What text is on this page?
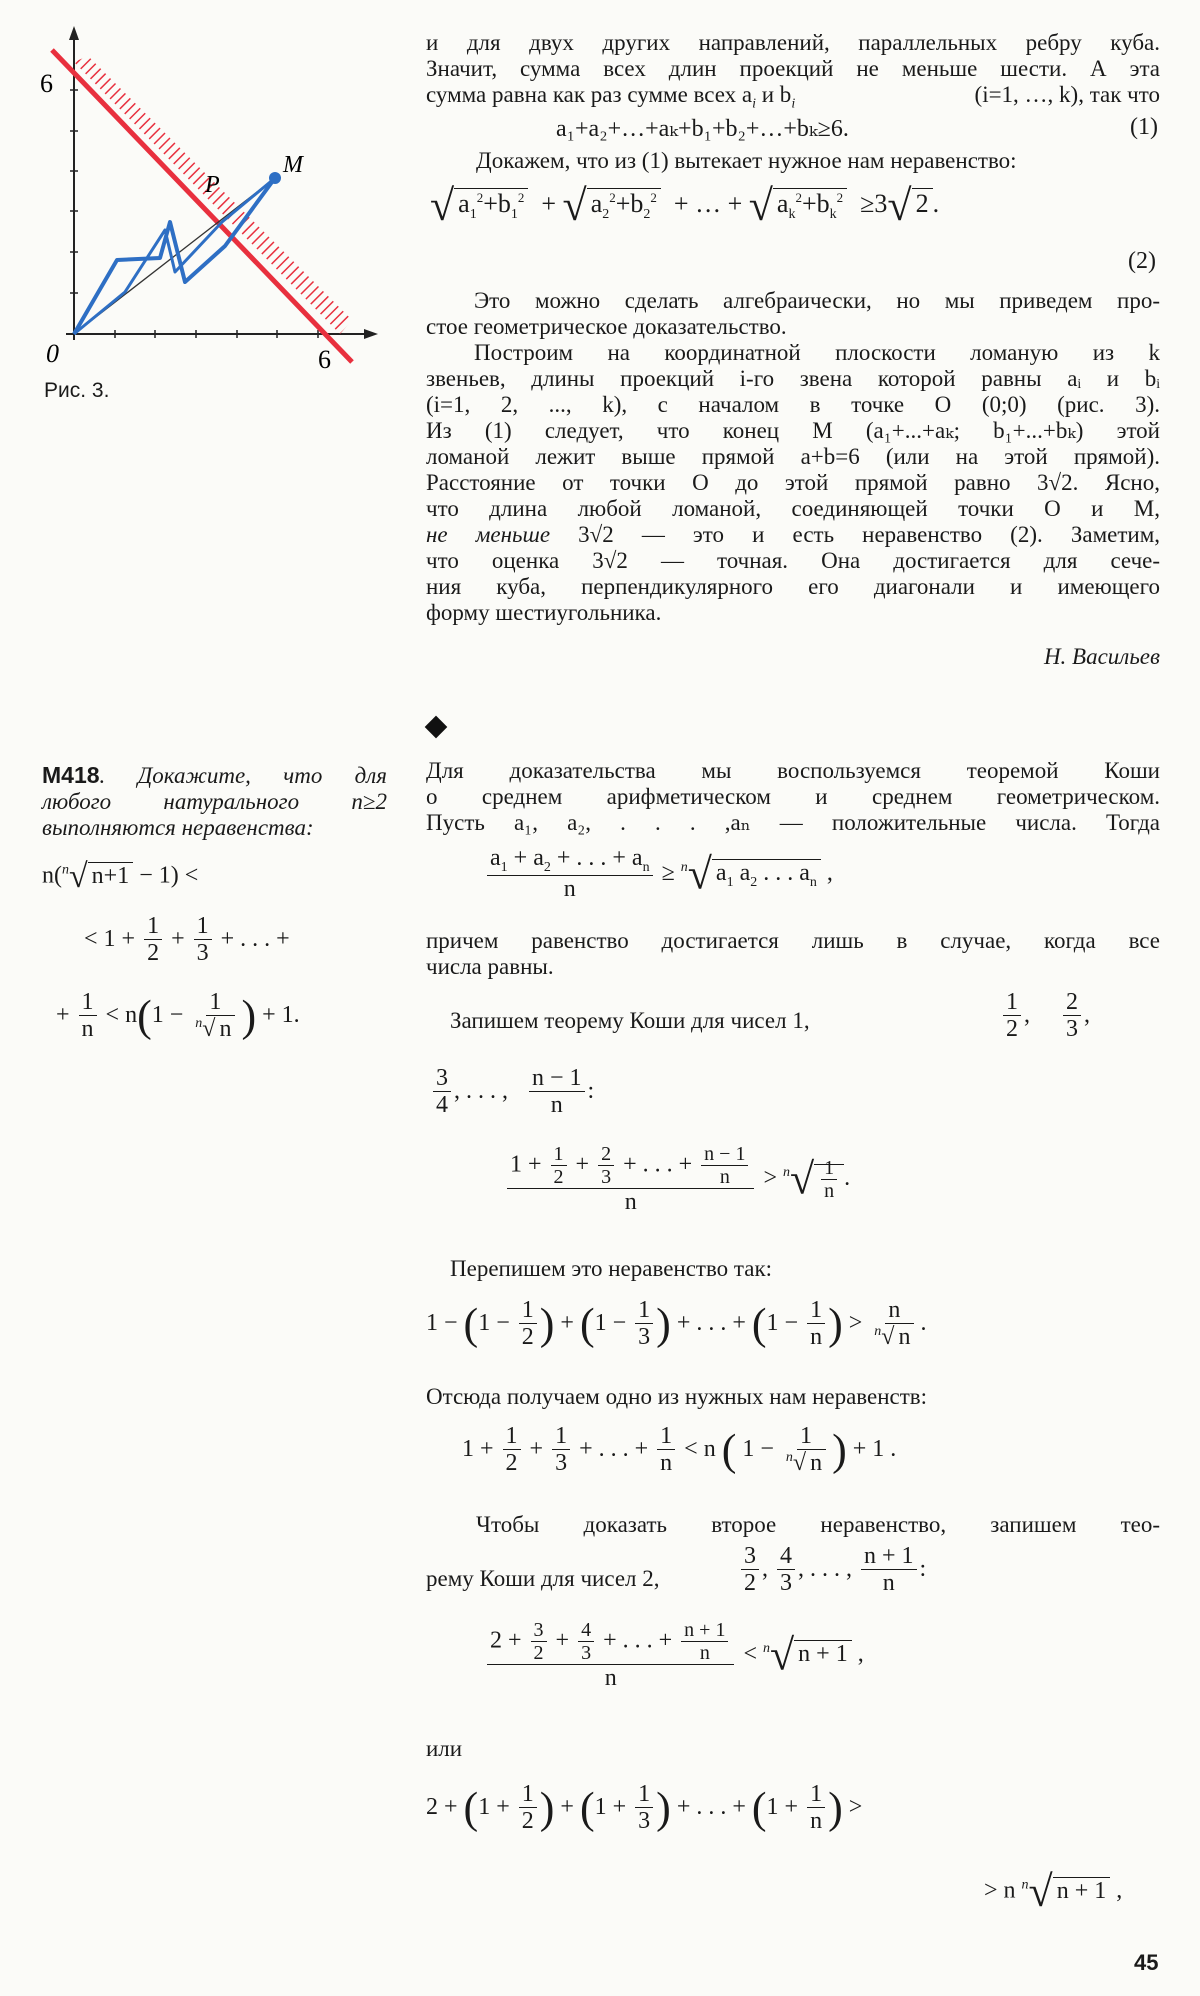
6
6
0
P
M
Рис. 3.
и для двух других направлений, параллельных ребру куба.
Значит, сумма всех длин проекций не меньше шести. А эта
сумма равна как раз сумме всех $a_i$ и $b_i$	(i=1, …, k), так что
a₁+a₂+…+aₖ+b₁+b₂+…+bₖ≥6.	(1)
Докажем, что из (1) вытекает нужное нам неравенство:
√ $a_1^2+b_1^2$  + √ $a_2^2+b_2^2$  + … + √ $a_k^2+b_k^2 \ge 3√$ 2 .
(2)
Это можно сделать алгебраически, но мы приведем про-
стое геометрическое доказательство.
Построим на координатной плоскости ломаную из k
звеньев, длины проекций i-го звена которой равны aᵢ и bᵢ
(i=1, 2, ..., k), с началом в точке O (0;0) (рис. 3).
Из (1) следует, что конец M (a₁+...+aₖ; b₁+...+bₖ) этой
ломаной лежит выше прямой a+b=6 (или на этой прямой).
Расстояние от точки O до этой прямой равно 3√2. Ясно,
что длина любой ломаной, соединяющей точки O и M,
не меньше 3√2 — это и есть неравенство (2). Заметим,
что оценка 3√2 — точная. Она достигается для сече-
ния куба, перпендикулярного его диагонали и имеющего
форму шестиугольника.
Н. Васильев
М418. Докажите, что для
любого натурального n≥2
выполняются неравенства:
n($^n$√ n+1 − 1) <
< $1 + \frac{1}{2} + \frac{1}{3}$ + . . . +
+ $\frac{1}{n} < n(1 - \frac{1}{^n√ n}$ ) + 1.
Для доказательства мы воспользуемся теоремой Коши
о среднем арифметическом и среднем геометрическом.
Пусть a₁, a₂, . . . ,aₙ — положительные числа. Тогда
$\frac{a_1 + a_2 + . . . + a_n}{n} \ge ^n√$ $a_1$ $a_2$ . . . $a_n$ ,
причем равенство достигается лишь в случае, когда все
числа равны.
Запишем теорему Коши для чисел 1,	$\frac{1}{2}$ , $\frac{2}{3}$ ,
$\frac{3}{4}$ , . . . , $\frac{n - 1}{n}$ :
$\frac{1 + \frac{1}{2} + \frac{2}{3} + . . . + \frac{n - 1}{n}}{n} > ^n√ \frac{1}{n}$ .
Перепишем это неравенство так:
$1 - (1 - \frac{1}{2}$ ) + ($1 - \frac{1}{3}$ ) + . . . + ($1 - \frac{1}{n}$ ) > $\frac{n}{^n√ n}$ .
Отсюда получаем одно из нужных нам неравенств:
$1 + \frac{1}{2} + \frac{1}{3}$ + . . . + $\frac{1}{n} < n$ ( $1 - \frac{1}{^n√ n}$ ) + 1 .
Чтобы доказать второе неравенство, запишем тео-
рему Коши для чисел 2,	$\frac{3}{2}$ , $\frac{4}{3}$ , . . . , $\frac{n + 1}{n}$ :
$\frac{2 + \frac{3}{2} + \frac{4}{3} + . . . + \frac{n + 1}{n}}{n} < ^n√$ n + 1 ,
или
$2 + (1 + \frac{1}{2}$ ) + ($1 + \frac{1}{3}$ ) + . . . + ($1 + \frac{1}{n}$ ) >
> n $^n$√ n + 1 ,
45
